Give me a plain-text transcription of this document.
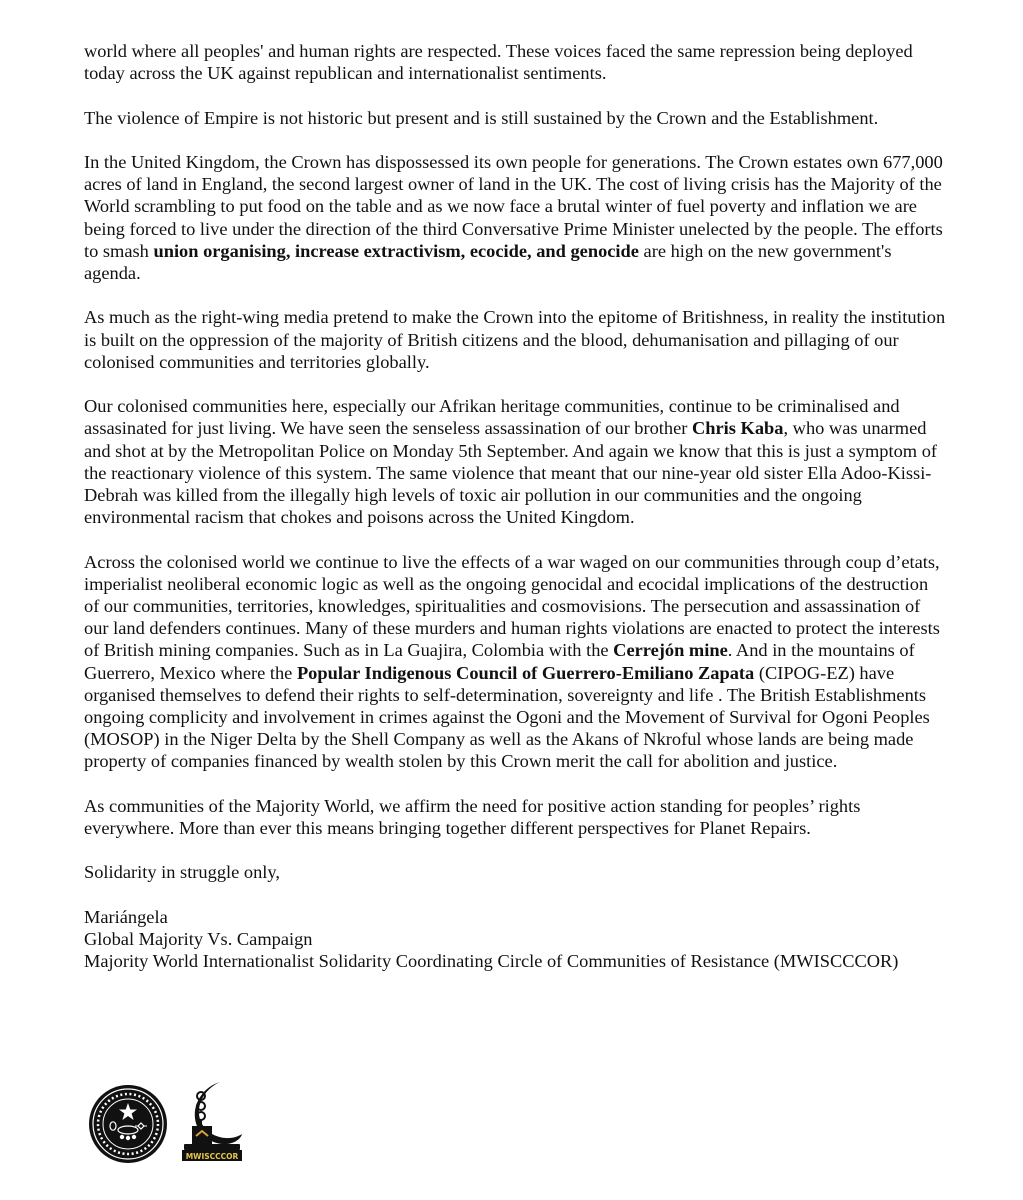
world where all peoples' and human rights are respected. These voices faced the same repression being deployed today across the UK against republican and internationalist sentiments.

The violence of Empire is not historic but present and is still sustained by the Crown and the Establishment.

In the United Kingdom, the Crown has dispossessed its own people for generations. The Crown estates own 677,000 acres of land in England, the second largest owner of land in the UK. The cost of living crisis has the Majority of the World scrambling to put food on the table and as we now face a brutal winter of fuel poverty and inflation we are being forced to live under the direction of the third Conversative Prime Minister unelected by the people. The efforts to smash union organising, increase extractivism, ecocide, and genocide are high on the new government's agenda.

As much as the right-wing media pretend to make the Crown into the epitome of Britishness, in reality the institution is built on the oppression of the majority of British citizens and the blood, dehumanisation and pillaging of our colonised communities and territories globally.

Our colonised communities here, especially our Afrikan heritage communities, continue to be criminalised and assasinated for just living. We have seen the senseless assassination of our brother Chris Kaba, who was unarmed and shot at by the Metropolitan Police on Monday 5th September. And again we know that this is just a symptom of the reactionary violence of this system. The same violence that meant that our nine-year old sister Ella Adoo-Kissi-Debrah was killed from the illegally high levels of toxic air pollution in our communities and the ongoing environmental racism that chokes and poisons across the United Kingdom.

Across the colonised world we continue to live the effects of a war waged on our communities through coup d’etats, imperialist neoliberal economic logic as well as the ongoing genocidal and ecocidal implications of the destruction of our communities, territories, knowledges, spiritualities and cosmovisions. The persecution and assassination of our land defenders continues. Many of these murders and human rights violations are enacted to protect the interests of British mining companies. Such as in La Guajira, Colombia with the Cerrejón mine. And in the mountains of Guerrero, Mexico where the Popular Indigenous Council of Guerrero-Emiliano Zapata (CIPOG-EZ) have organised themselves to defend their rights to self-determination, sovereignty and life . The British Establishments ongoing complicity and involvement in crimes against the Ogoni and the Movement of Survival for Ogoni Peoples (MOSOP) in the Niger Delta by the Shell Company as well as the Akans of Nkroful whose lands are being made property of companies financed by wealth stolen by this Crown merit the call for abolition and justice.

As communities of the Majority World, we affirm the need for positive action standing for peoples’ rights everywhere. More than ever this means bringing together different perspectives for Planet Repairs.

Solidarity in struggle only,

Mariángela

Global Majority Vs. Campaign

Majority World Internationalist Solidarity Coordinating Circle of Communities of Resistance (MWISCCCOR)

MWISCCCOR
